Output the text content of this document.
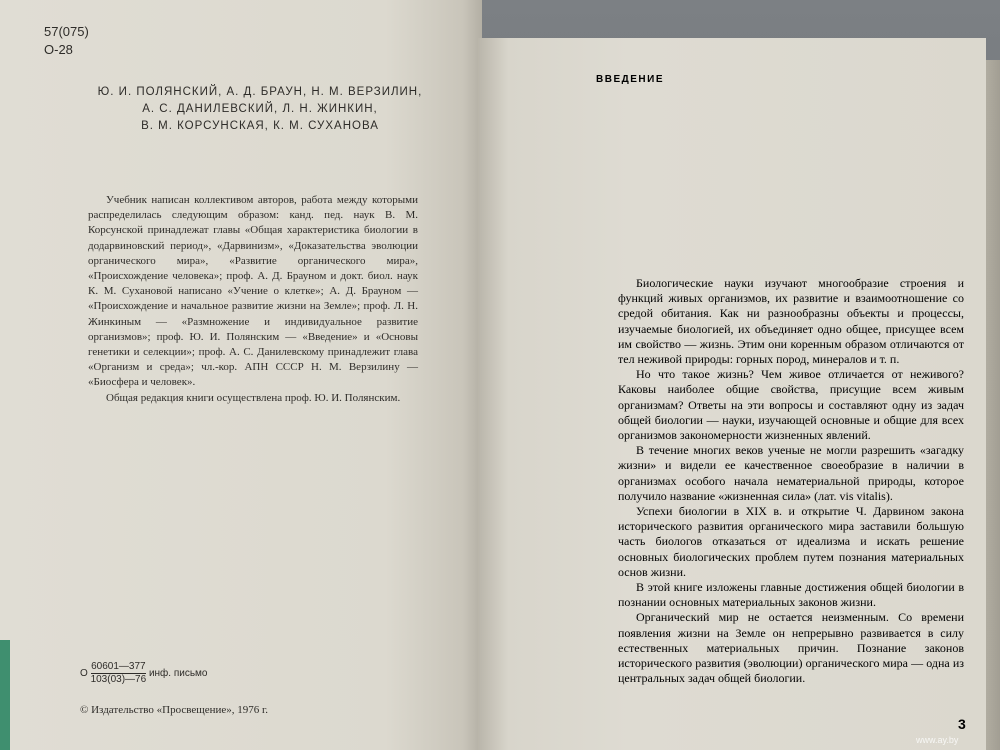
57(075)
О-28
Ю. И. ПОЛЯНСКИЙ, А. Д. БРАУН, Н. М. ВЕРЗИЛИН,
А. С. ДАНИЛЕВСКИЙ, Л. Н. ЖИНКИН,
В. М. КОРСУНСКАЯ, К. М. СУХАНОВА

Учебник написан коллективом авторов, работа между которыми распределилась следующим образом: канд. пед. наук В. М. Корсунской принадлежат главы «Общая характеристика биологии в додарвиновский период», «Дарвинизм», «Доказательства эволюции органического мира», «Развитие органического мира», «Происхождение человека»; проф. А. Д. Брауном и докт. биол. наук К. М. Сухановой написано «Учение о клетке»; А. Д. Брауном — «Происхождение и начальное развитие жизни на Земле»; проф. Л. Н. Жинкиным — «Размножение и индивидуальное развитие организмов»; проф. Ю. И. Полянским — «Введение» и «Основы генетики и селекции»; проф. А. С. Данилевскому принадлежит глава «Организм и среда»; чл.-кор. АПН СССР Н. М. Верзилину — «Биосфера и человек».

Общая редакция книги осуществлена проф. Ю. И. Полянским.

О $\frac{60601—377}{103(03)—76}$ инф. письмо
© Издательство «Просвещение», 1976 г.
ВВЕДЕНИЕ

Биологические науки изучают многообразие строения и функций живых организмов, их развитие и взаимоотношение со средой обитания. Как ни разнообразны объекты и процессы, изучаемые биологией, их объединяет одно общее, присущее всем им свойство — жизнь. Этим они коренным образом отличаются от тел неживой природы: горных пород, минералов и т. п.

Но что такое жизнь? Чем живое отличается от неживого? Каковы наиболее общие свойства, присущие всем живым организмам? Ответы на эти вопросы и составляют одну из задач общей биологии — науки, изучающей основные и общие для всех организмов закономерности жизненных явлений.

В течение многих веков ученые не могли разрешить «загадку жизни» и видели ее качественное своеобразие в наличии в организмах особого начала нематериальной природы, которое получило название «жизненная сила» (лат. vis vitalis).

Успехи биологии в XIX в. и открытие Ч. Дарвином закона исторического развития органического мира заставили большую часть биологов отказаться от идеализма и искать решение основных биологических проблем путем познания материальных основ жизни.

В этой книге изложены главные достижения общей биологии в познании основных материальных законов жизни.

Органический мир не остается неизменным. Со времени появления жизни на Земле он непрерывно развивается в силу естественных материальных причин. Познание законов исторического развития (эволюции) органического мира — одна из центральных задач общей биологии.

3
www.ay.by
